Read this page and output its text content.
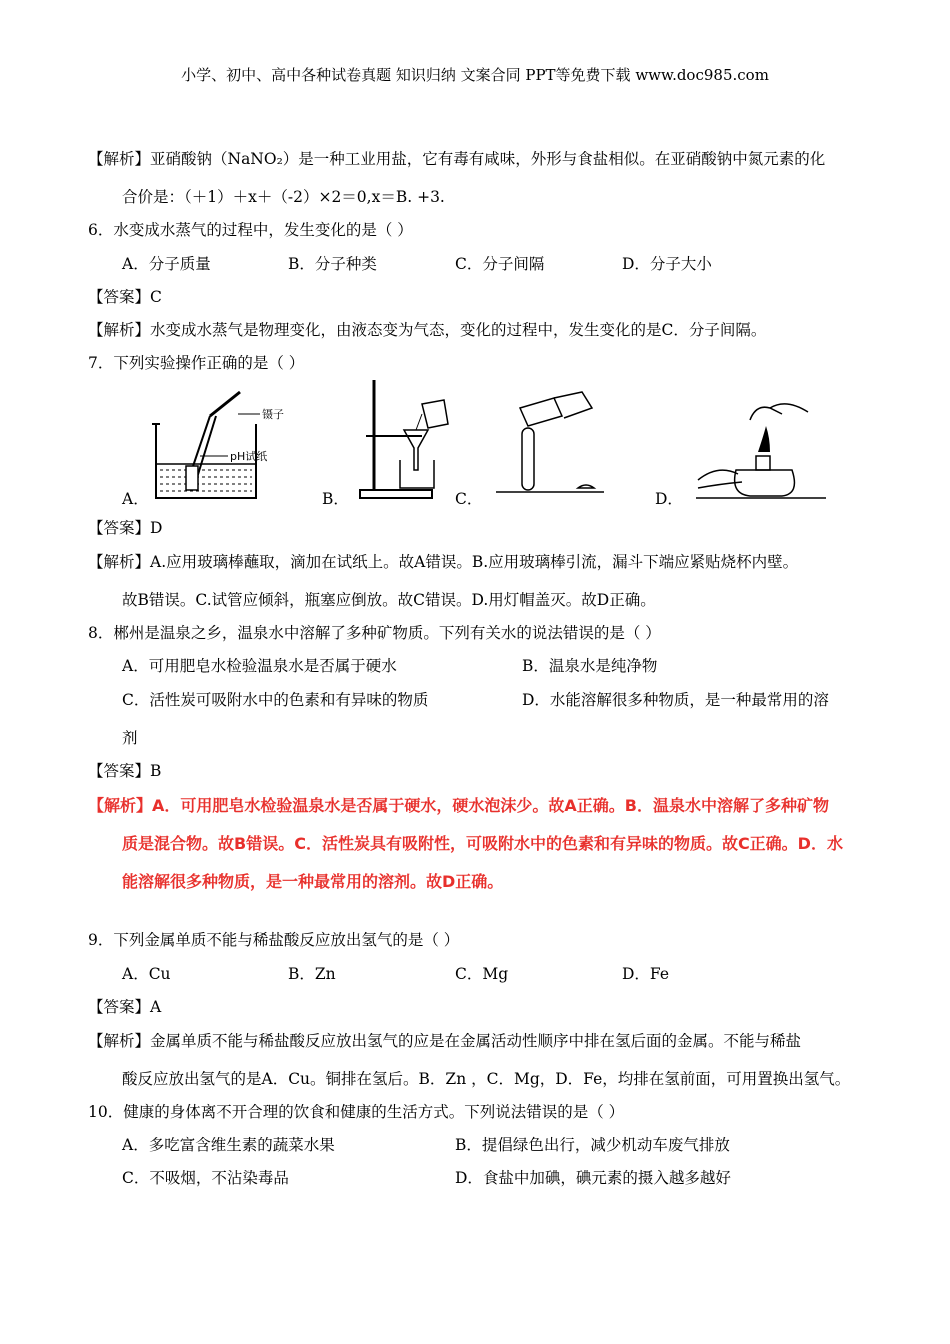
小学、初中、高中各种试卷真题 知识归纳 文案合同 PPT等免费下载 www.doc985.com
【解析】亚硝酸钠（NaNO₂）是一种工业用盐，它有毒有咸味，外形与食盐相似。在亚硝酸钠中氮元素的化
合价是：（＋1）＋x＋（-2）×2＝0,x＝B. +3.
6．水变成水蒸气的过程中，发生变化的是（ ）
A．分子质量	B．分子种类	C．分子间隔	D．分子大小
【答案】C
【解析】水变成水蒸气是物理变化，由液态变为气态，变化的过程中，发生变化的是C．分子间隔。
7．下列实验操作正确的是（ ）
镊子
pH试纸
A．	B．	C．	D．
【答案】D
【解析】A.应用玻璃棒蘸取，滴加在试纸上。故A错误。B.应用玻璃棒引流，漏斗下端应紧贴烧杯内壁。
故B错误。C.试管应倾斜，瓶塞应倒放。故C错误。D.用灯帽盖灭。故D正确。
8．郴州是温泉之乡，温泉水中溶解了多种矿物质。下列有关水的说法错误的是（ ）
A．可用肥皂水检验温泉水是否属于硬水	B．温泉水是纯净物
C．活性炭可吸附水中的色素和有异味的物质	D．水能溶解很多种物质，是一种最常用的溶
剂
【答案】B
【解析】A．可用肥皂水检验温泉水是否属于硬水，硬水泡沫少。故A正确。B．温泉水中溶解了多种矿物
质是混合物。故B错误。C．活性炭具有吸附性，可吸附水中的色素和有异味的物质。故C正确。D．水
能溶解很多种物质，是一种最常用的溶剂。故D正确。
9．下列金属单质不能与稀盐酸反应放出氢气的是（ ）
A．Cu	B．Zn	C．Mg	D．Fe
【答案】A
【解析】金属单质不能与稀盐酸反应放出氢气的应是在金属活动性顺序中排在氢后面的金属。不能与稀盐
酸反应放出氢气的是A．Cu。铜排在氢后。B．Zn ，C．Mg，D．Fe，均排在氢前面，可用置换出氢气。
10．健康的身体离不开合理的饮食和健康的生活方式。下列说法错误的是（ ）
A．多吃富含维生素的蔬菜水果	B．提倡绿色出行，减少机动车废气排放
C．不吸烟，不沾染毒品	D．食盐中加碘，碘元素的摄入越多越好
